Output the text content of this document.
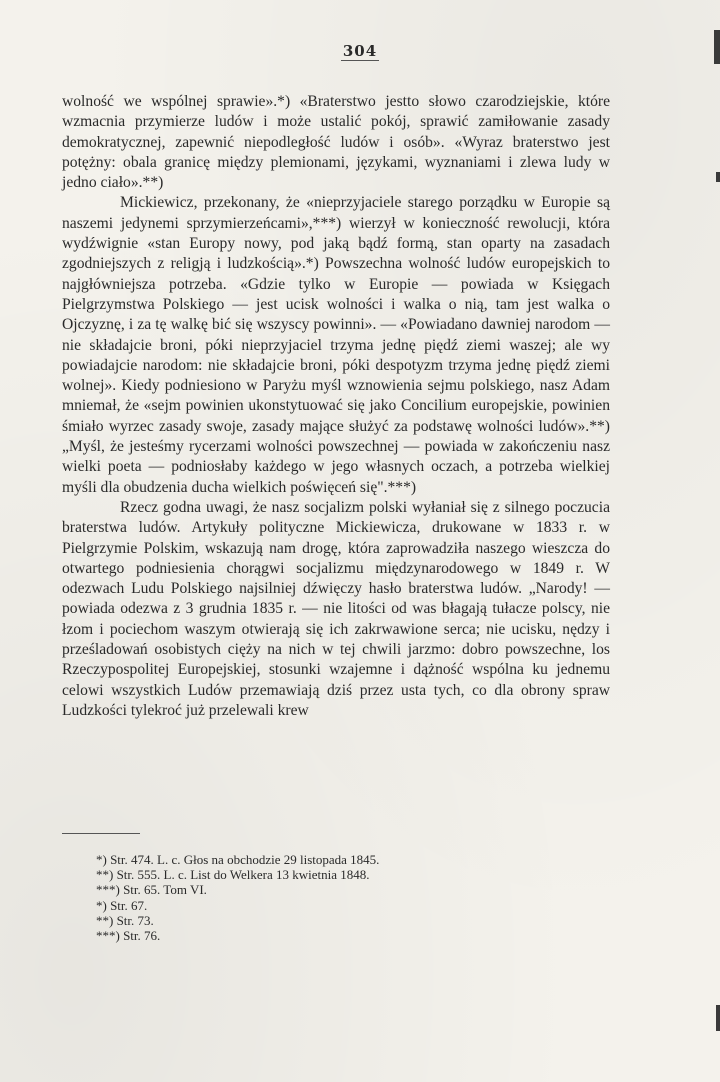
304

wolność we wspólnej sprawie».*) «Braterstwo jestto słowo czarodziejskie, które wzmacnia przymierze ludów i może ustalić pokój, sprawić zamiłowanie zasady demokratycznej, zapewnić niepodległość ludów i osób». «Wyraz braterstwo jest potężny: obala granicę między plemionami, językami, wyznaniami i zlewa ludy w jedno ciało».**)

Mickiewicz, przekonany, że «nieprzyjaciele starego porządku w Europie są naszemi jedynemi sprzymierzeńcami»,***) wierzył w konieczność rewolucji, która wydźwignie «stan Europy nowy, pod jaką bądź formą, stan oparty na zasadach zgodniejszych z religją i ludzkością».*) Powszechna wolność ludów europejskich to najgłówniejsza potrzeba. «Gdzie tylko w Europie — powiada w Księgach Pielgrzymstwa Polskiego — jest ucisk wolności i walka o nią, tam jest walka o Ojczyznę, i za tę walkę bić się wszyscy powinni». — «Powiadano dawniej narodom — nie składajcie broni, póki nieprzyjaciel trzyma jednę piędź ziemi waszej; ale wy powiadajcie narodom: nie składajcie broni, póki despotyzm trzyma jednę piędź ziemi wolnej». Kiedy podniesiono w Paryżu myśl wznowienia sejmu polskiego, nasz Adam mniemał, że «sejm powinien ukonstytuować się jako Concilium europejskie, powinien śmiało wyrzec zasady swoje, zasady mające służyć za podstawę wolności ludów».**) „Myśl, że jesteśmy rycerzami wolności powszechnej — powiada w zakończeniu nasz wielki poeta — podniosłaby każdego w jego własnych oczach, a potrzeba wielkiej myśli dla obudzenia ducha wielkich poświęceń się".***)

Rzecz godna uwagi, że nasz socjalizm polski wyłaniał się z silnego poczucia braterstwa ludów. Artykuły polityczne Mickiewicza, drukowane w 1833 r. w Pielgrzymie Polskim, wskazują nam drogę, która zaprowadziła naszego wieszcza do otwartego podniesienia chorągwi socjalizmu międzynarodowego w 1849 r. W odezwach Ludu Polskiego najsilniej dźwięczy hasło braterstwa ludów. „Narody! — powiada odezwa z 3 grudnia 1835 r. — nie litości od was błagają tułacze polscy, nie łzom i pociechom waszym otwierają się ich zakrwawione serca; nie ucisku, nędzy i prześladowań osobistych cięży na nich w tej chwili jarzmo: dobro powszechne, los Rzeczypospolitej Europejskiej, stosunki wzajemne i dążność wspólna ku jednemu celowi wszystkich Ludów przemawiają dziś przez usta tych, co dla obrony spraw Ludzkości tylekroć już przelewali krew

*) Str. 474. L. c. Głos na obchodzie 29 listopada 1845.
**) Str. 555. L. c. List do Welkera 13 kwietnia 1848.
***) Str. 65. Tom VI.
*) Str. 67.
**) Str. 73.
***) Str. 76.
